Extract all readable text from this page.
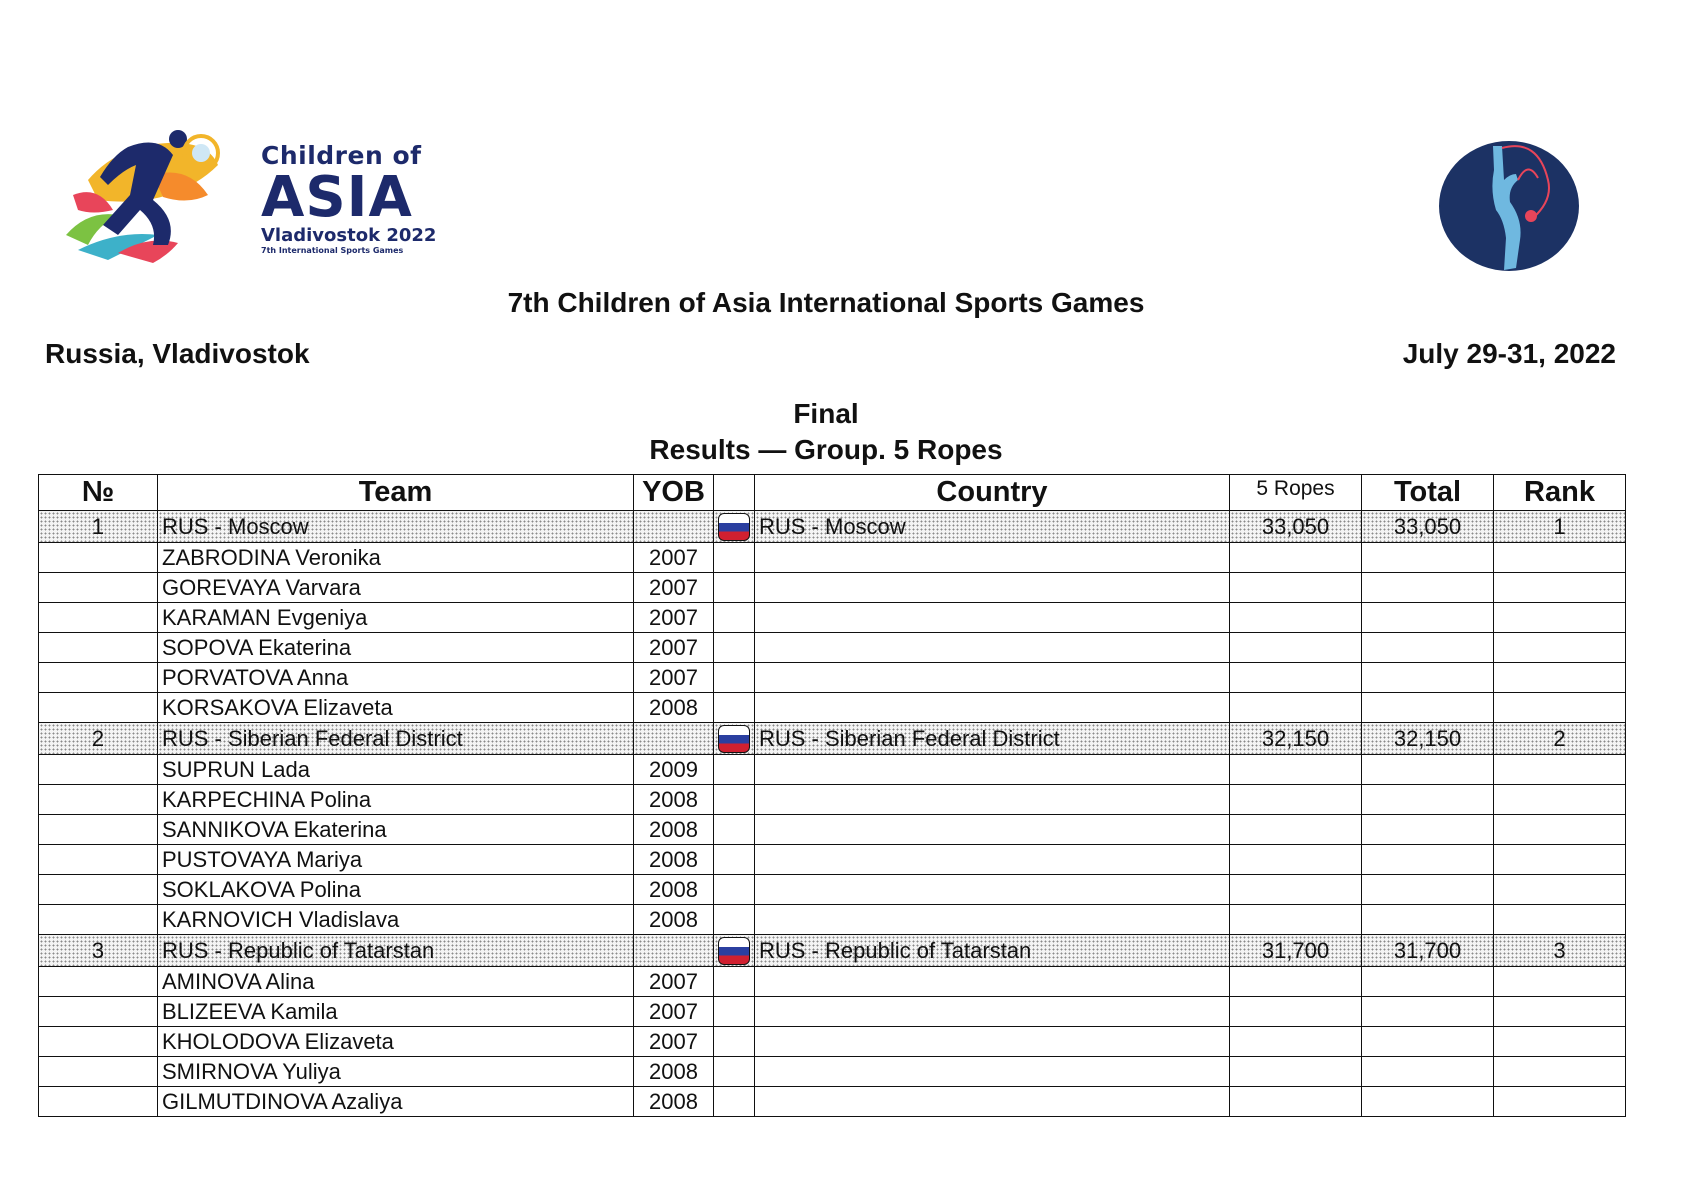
Children of
ASIA
Vladivostok 2022
7th International Sports Games
7th Children of Asia International Sports Games
Russia, Vladivostok	July 29-31, 2022
Final
Results — Group. 5 Ropes
№	Team	YOB		Country	5 Ropes	Total	Rank
1	RUS - Moscow			RUS - Moscow	33,050	33,050	1
	ZABRODINA Veronika	2007					
	GOREVAYA Varvara	2007					
	KARAMAN Evgeniya	2007					
	SOPOVA Ekaterina	2007					
	PORVATOVA Anna	2007					
	KORSAKOVA Elizaveta	2008					
2	RUS - Siberian Federal District			RUS - Siberian Federal District	32,150	32,150	2
	SUPRUN Lada	2009					
	KARPECHINA Polina	2008					
	SANNIKOVA Ekaterina	2008					
	PUSTOVAYA Mariya	2008					
	SOKLAKOVA Polina	2008					
	KARNOVICH Vladislava	2008					
3	RUS - Republic of Tatarstan			RUS - Republic of Tatarstan	31,700	31,700	3
	AMINOVA Alina	2007					
	BLIZEEVA Kamila	2007					
	KHOLODOVA Elizaveta	2007					
	SMIRNOVA Yuliya	2008					
	GILMUTDINOVA Azaliya	2008					
